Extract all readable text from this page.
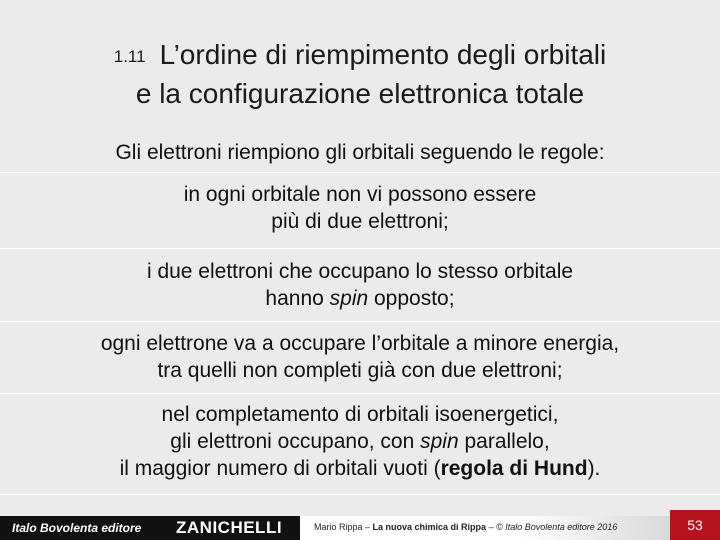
1.11 L’ordine di riempimento degli orbitali
e la configurazione elettronica totale
Gli elettroni riempiono gli orbitali seguendo le regole:
in ogni orbitale non vi possono essere
più di due elettroni;
i due elettroni che occupano lo stesso orbitale
hanno spin opposto;
ogni elettrone va a occupare l’orbitale a minore energia,
tra quelli non completi già con due elettroni;
nel completamento di orbitali isoenergetici,
gli elettroni occupano, con spin parallelo,
il maggior numero di orbitali vuoti (regola di Hund).
Italo Bovolenta editore ZANICHELLI	Mario Rippa – La nuova chimica di Rippa – © Italo Bovolenta editore 2016	53
